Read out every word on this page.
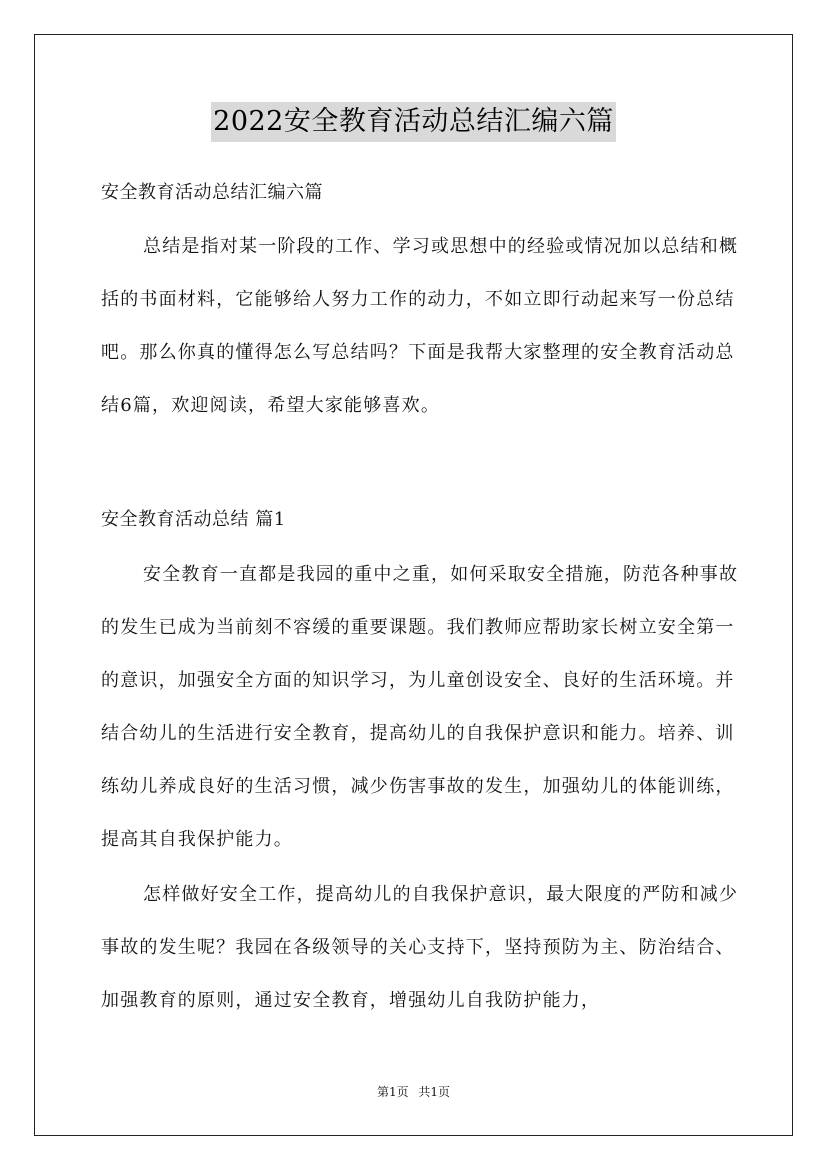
2022安全教育活动总结汇编六篇
安全教育活动总结汇编六篇

总结是指对某一阶段的工作、学习或思想中的经验或情况加以总结和概括的书面材料，它能够给人努力工作的动力，不如立即行动起来写一份总结吧。那么你真的懂得怎么写总结吗？下面是我帮大家整理的安全教育活动总结6篇，欢迎阅读，希望大家能够喜欢。

安全教育活动总结 篇1

安全教育一直都是我园的重中之重，如何采取安全措施，防范各种事故的发生已成为当前刻不容缓的重要课题。我们教师应帮助家长树立安全第一的意识，加强安全方面的知识学习，为儿童创设安全、良好的生活环境。并结合幼儿的生活进行安全教育，提高幼儿的自我保护意识和能力。培养、训练幼儿养成良好的生活习惯，减少伤害事故的发生，加强幼儿的体能训练，提高其自我保护能力。

怎样做好安全工作，提高幼儿的自我保护意识，最大限度的严防和减少事故的发生呢？我园在各级领导的关心支持下，坚持预防为主、防治结合、加强教育的原则，通过安全教育，增强幼儿自我防护能力，

第1页 共1页
